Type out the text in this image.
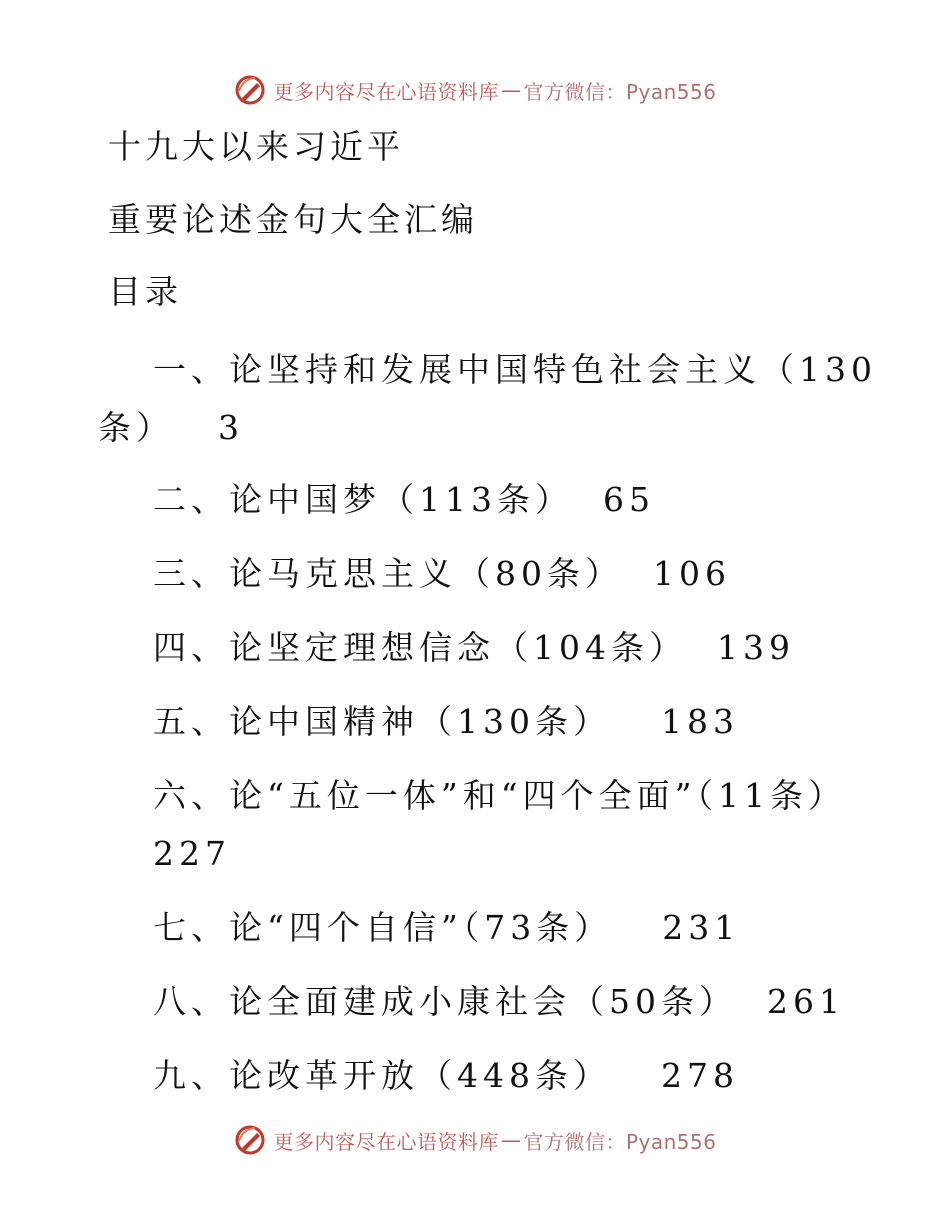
更多内容尽在心语资料库 — 官方微信：Pyan556
十九大以来习近平
重要论述金句大全汇编
目录
一、论坚持和发展中国特色社会主义（130
条） 3
二、论中国梦（113条） 65
三、论马克思主义（80条） 106
四、论坚定理想信念（104条） 139
五、论中国精神（130条） 183
六、论“五位一体”和“四个全面”（11条）
227
七、论“四个自信”（73条） 231
八、论全面建成小康社会（50条） 261
九、论改革开放（448条） 278
更多内容尽在心语资料库 — 官方微信：Pyan556
